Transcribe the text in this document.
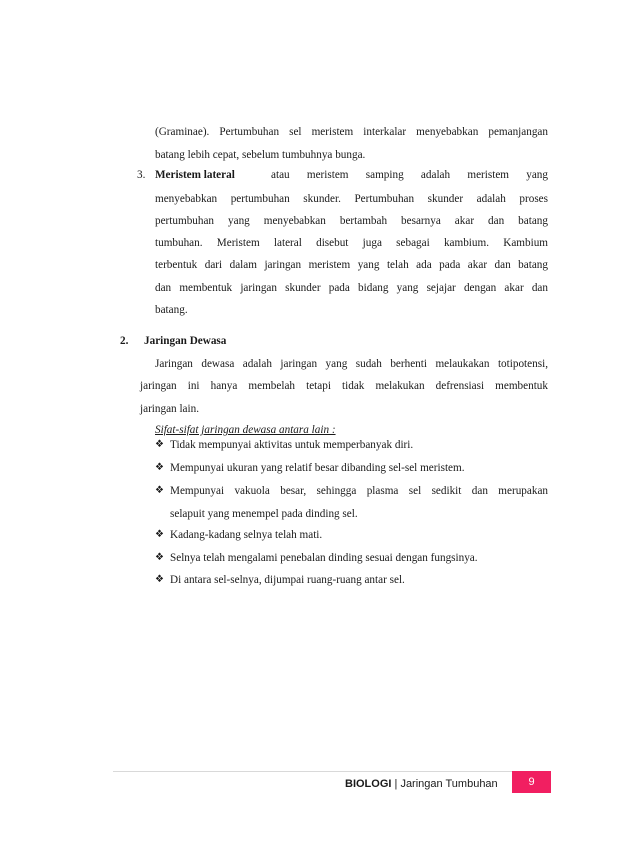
(Graminae). Pertumbuhan sel meristem interkalar menyebabkan pemanjangan
batang lebih cepat, sebelum tumbuhnya bunga.
3. Meristem lateral	atau meristem samping adalah meristem yang
menyebabkan pertumbuhan skunder. Pertumbuhan skunder adalah proses
pertumbuhan yang menyebabkan bertambah besarnya akar dan batang
tumbuhan. Meristem lateral disebut juga sebagai kambium. Kambium
terbentuk dari dalam jaringan meristem yang telah ada pada akar dan batang
dan membentuk jaringan skunder pada bidang yang sejajar dengan akar dan
batang.
2. Jaringan Dewasa
Jaringan dewasa adalah jaringan yang sudah berhenti melaukakan totipotensi,
jaringan ini hanya membelah tetapi tidak melakukan defrensiasi membentuk
jaringan lain.
Sifat-sifat jaringan dewasa antara lain :
❖ Tidak mempunyai aktivitas untuk memperbanyak diri.
❖ Mempunyai ukuran yang relatif besar dibanding sel-sel meristem.
❖ Mempunyai vakuola besar, sehingga plasma sel sedikit dan merupakan
selapuit yang menempel pada dinding sel.
❖ Kadang-kadang selnya telah mati.
❖ Selnya telah mengalami penebalan dinding sesuai dengan fungsinya.
❖ Di antara sel-selnya, dijumpai ruang-ruang antar sel.
BIOLOGI | Jaringan Tumbuhan	9
